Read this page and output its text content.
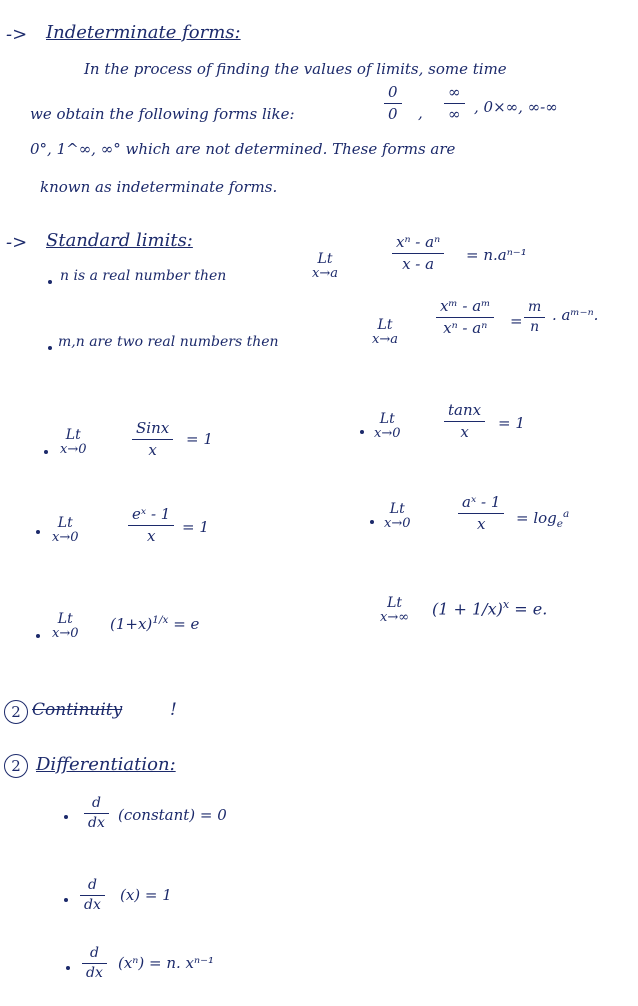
-> Indeterminate forms:
In the process of finding the values of limits, some time
we obtain the following forms like:
0
0 ,
∞
∞ , 0×∞, ∞-∞
0°, 1^∞, ∞° which are not determined. These forms are
known as indeterminate forms.
-> Standard limits:
n is a real number then
Lt
x→a
xⁿ - aⁿ
x - a = n.aⁿ⁻¹
m,n are two real numbers then
Lt
x→a
xᵐ - aᵐ
xⁿ - aⁿ =
m
n
. aᵐ⁻ⁿ.
Lt
x→0
Sinx
x
= 1
Lt
x→0
tanx
x = 1
Lt
x→0
eˣ - 1
x = 1
Lt
x→0
aˣ - 1
$x = \log_e^a$
Lt
x→0
$(1+x)^{1/x} = e$
Lt
x→∞ $(1 + 1/x)^x = e$.
2 Continuity	!
2 Differentiation:
d
dx (constant) = 0
d
dx
(x) = 1
d
dx
(xⁿ) = n. xⁿ⁻¹
